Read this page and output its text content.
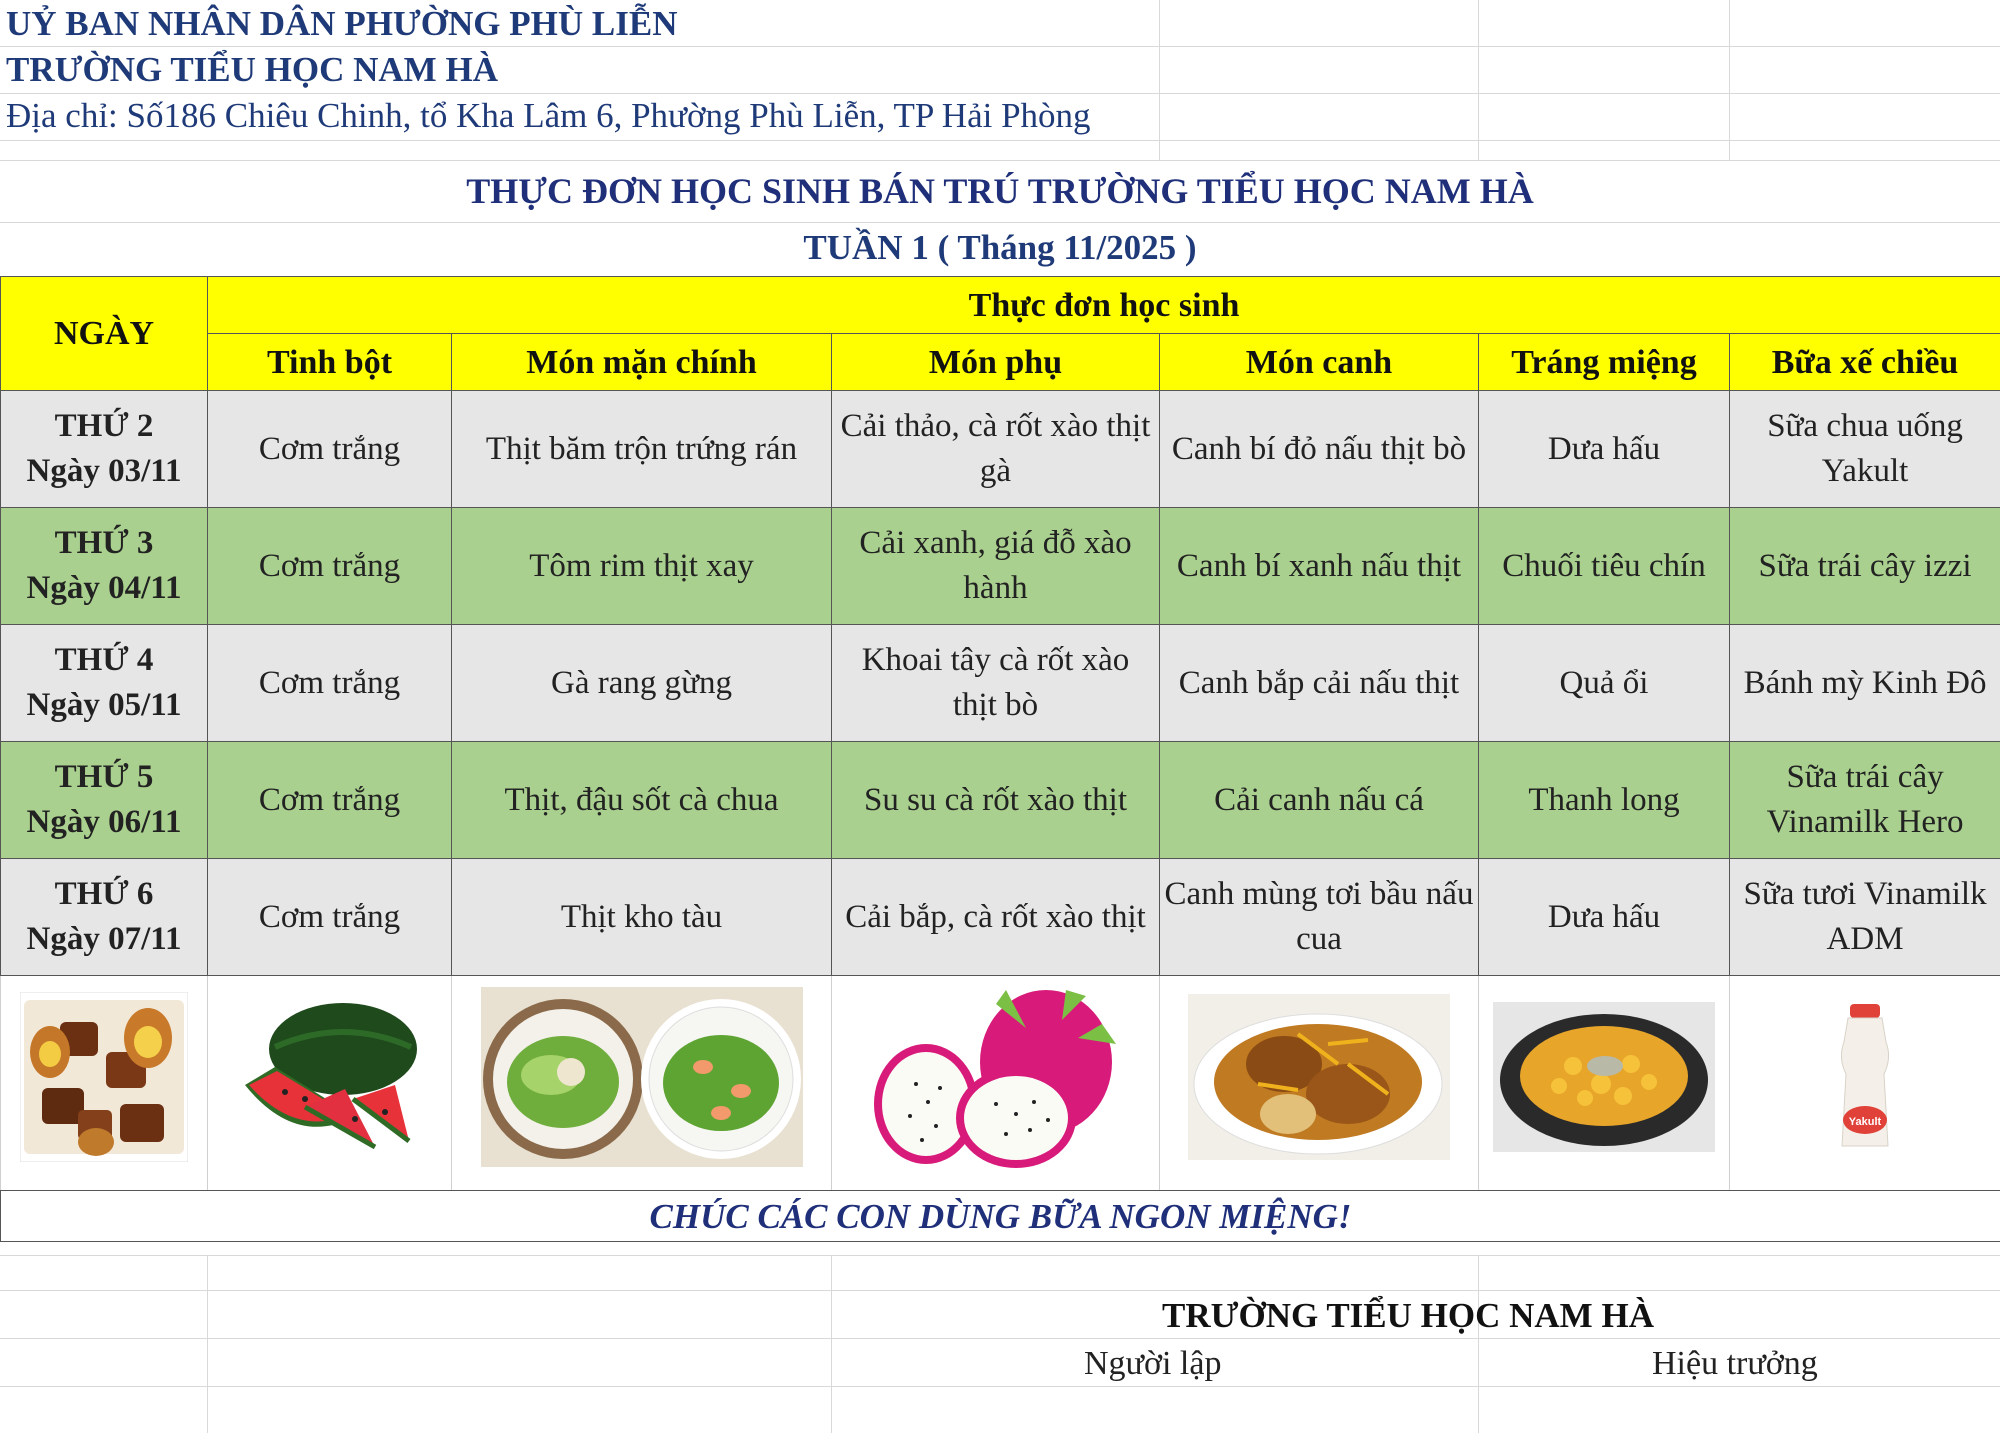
UỶ BAN NHÂN DÂN PHƯỜNG PHÙ LIỄN
TRƯỜNG TIỂU HỌC NAM HÀ
Địa chỉ: Số186 Chiêu Chinh, tổ Kha Lâm 6, Phường Phù Liễn, TP Hải Phòng
THỰC ĐƠN HỌC SINH BÁN TRÚ TRƯỜNG TIỂU HỌC NAM HÀ
TUẦN 1 ( Tháng 11/2025 )
NGÀY	Thực đơn học sinh					
	Tinh bột	Món mặn chính	Món phụ	Món canh	Tráng miệng	Bữa xế chiều
THỨ 2
Ngày 03/11	Cơm trắng	Thịt băm trộn trứng rán	Cải thảo, cà rốt xào thịt gà	Canh bí đỏ nấu thịt bò	Dưa hấu	Sữa chua uống Yakult
THỨ 3
Ngày 04/11	Cơm trắng	Tôm rim thịt xay	Cải xanh, giá đỗ xào hành	Canh bí xanh nấu thịt	Chuối tiêu chín	Sữa trái cây izzi
THỨ 4
Ngày 05/11	Cơm trắng	Gà rang gừng	Khoai tây cà rốt xào thịt bò	Canh bắp cải nấu thịt	Quả ổi	Bánh mỳ Kinh Đô
THỨ 5
Ngày 06/11	Cơm trắng	Thịt, đậu sốt cà chua	Su su cà rốt xào thịt	Cải canh nấu cá	Thanh long	Sữa trái cây Vinamilk Hero
THỨ 6
Ngày 07/11	Cơm trắng	Thịt kho tàu	Cải bắp, cà rốt xào thịt	Canh mùng tơi bầu nấu cua	Dưa hấu	Sữa tươi Vinamilk ADM

Yakult

CHÚC CÁC CON DÙNG BỮA NGON MIỆNG!						
TRƯỜNG TIỂU HỌC NAM HÀ
Người lập	Hiệu trưởng
